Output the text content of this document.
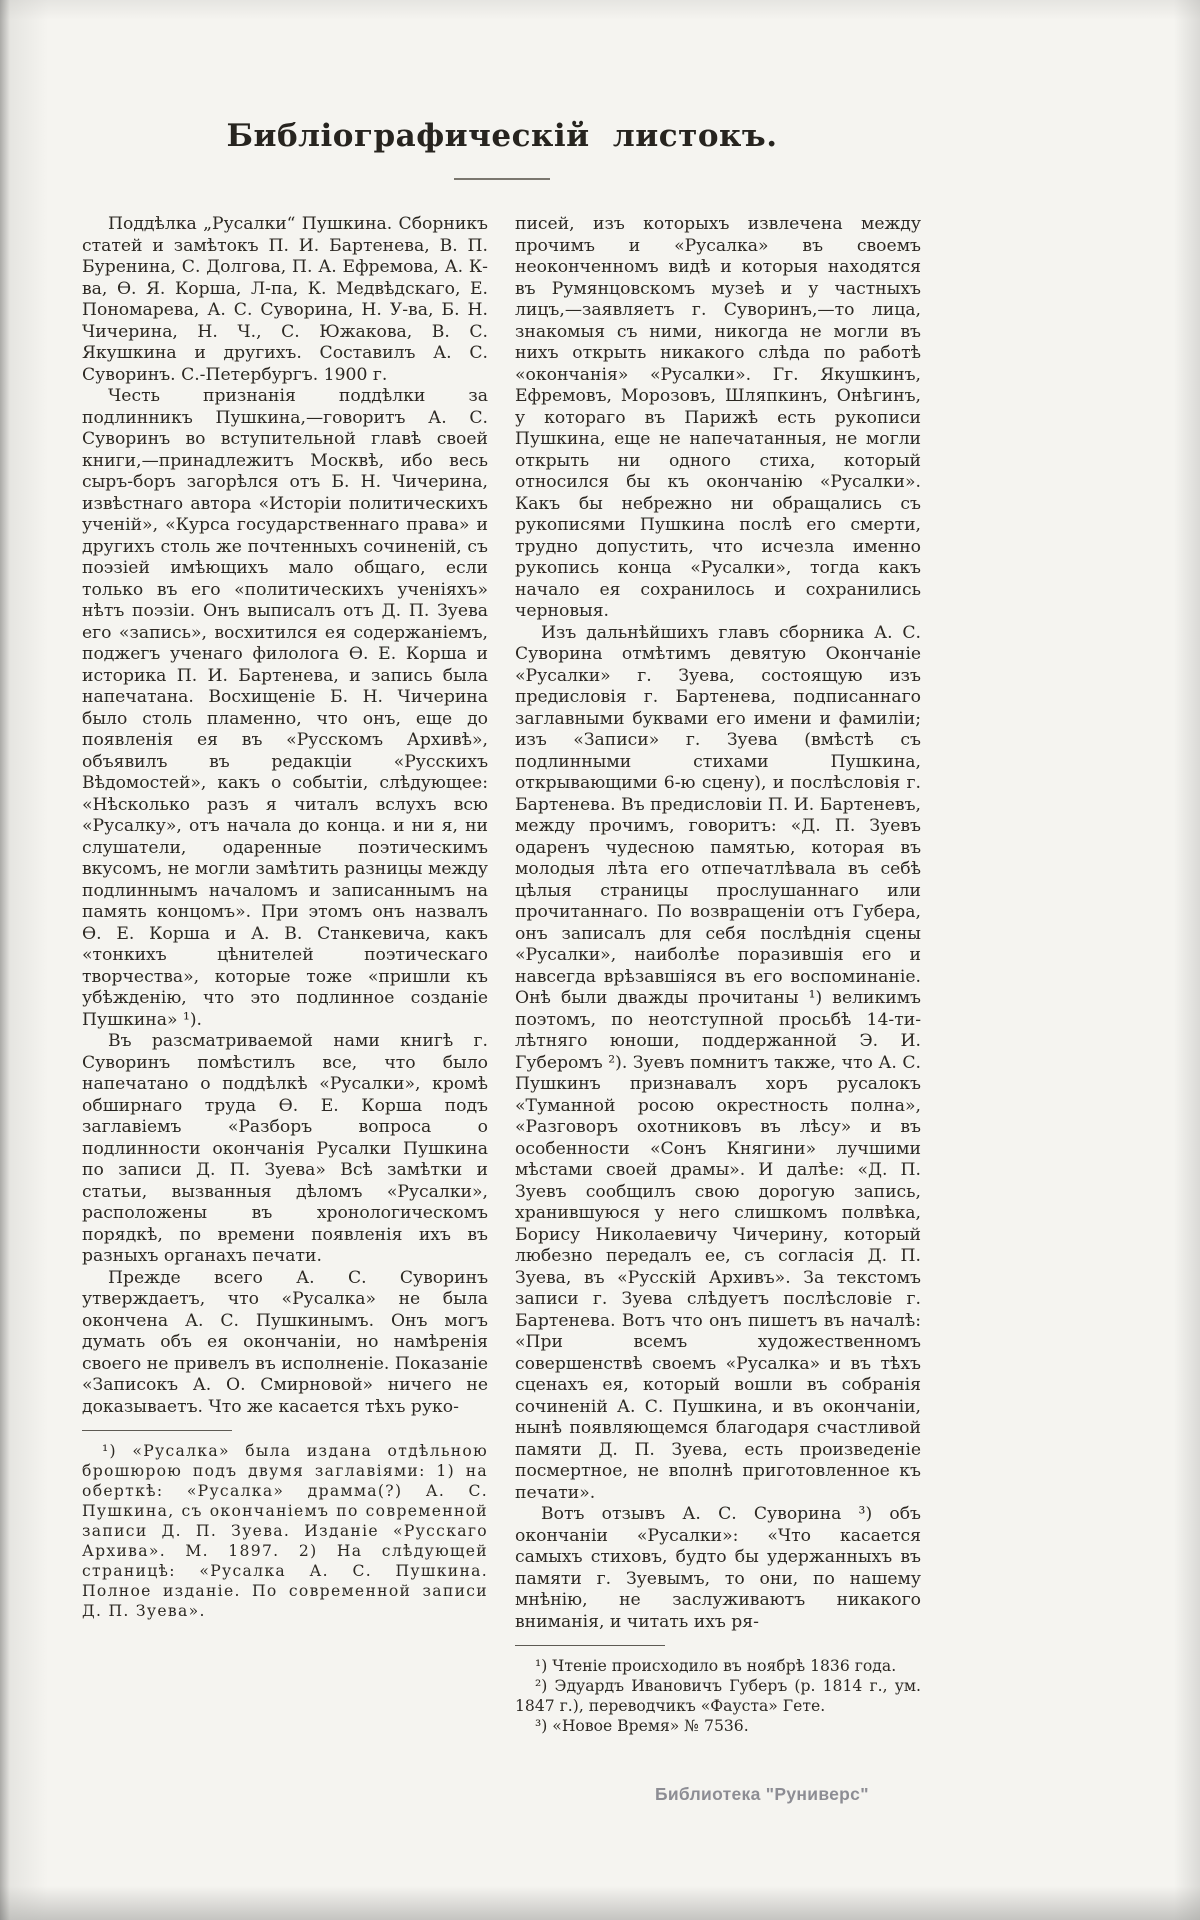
Библіографическій листокъ.

Поддѣлка „Русалки“ Пушкина. Сборникъ статей и замѣтокъ П. И. Бартенева, В. П. Буренина, С. Долгова, П. А. Ефремова, А. К-ва, Ѳ. Я. Корша, Л-па, К. Медвѣдскаго, Е. Пономарева, А. С. Суворина, Н. У-ва, Б. Н. Чичерина, Н. Ч., С. Южакова, В. С. Якушкина и другихъ. Составилъ А. С. Суворинъ. С.-Петербургъ. 1900 г.

Честь признанія поддѣлки за подлинникъ Пушкина,—говоритъ А. С. Суворинъ во вступительной главѣ своей книги,—принадлежитъ Москвѣ, ибо весь сыръ-боръ загорѣлся отъ Б. Н. Чичерина, извѣстнаго автора «Исторіи политическихъ ученій», «Курса государственнаго права» и другихъ столь же почтенныхъ сочиненій, съ поэзіей имѣющихъ мало общаго, если только въ его «политическихъ ученіяхъ» нѣтъ поэзіи. Онъ выписалъ отъ Д. П. Зуева его «запись», восхитился ея содержаніемъ, поджегъ ученаго филолога Ѳ. Е. Корша и историка П. И. Бартенева, и запись была напечатана. Восхищеніе Б. Н. Чичерина было столь пламенно, что онъ, еще до появленія ея въ «Русскомъ Архивѣ», объявилъ въ редакціи «Русскихъ Вѣдомостей», какъ о событіи, слѣдующее: «Нѣсколько разъ я читалъ вслухъ всю «Русалку», отъ начала до конца. и ни я, ни слушатели, одаренные поэтическимъ вкусомъ, не могли замѣтить разницы между подлиннымъ началомъ и записаннымъ на память концомъ». При этомъ онъ назвалъ Ѳ. Е. Корша и А. В. Станкевича, какъ «тонкихъ цѣнителей поэтическаго творчества», которые тоже «пришли къ убѣжденію, что это подлинное созданіе Пушкина» ¹).

Въ разсматриваемой нами книгѣ г. Суворинъ помѣстилъ все, что было напечатано о поддѣлкѣ «Русалки», кромѣ обширнаго труда Ѳ. Е. Корша подъ заглавіемъ «Разборъ вопроса о подлинности окончанія Русалки Пушкина по записи Д. П. Зуева» Всѣ замѣтки и статьи, вызванныя дѣломъ «Русалки», расположены въ хронологическомъ порядкѣ, по времени появленія ихъ въ разныхъ органахъ печати.

Прежде всего А. С. Суворинъ утверждаетъ, что «Русалка» не была окончена А. С. Пушкинымъ. Онъ могъ думать объ ея окончаніи, но намѣренія своего не привелъ въ исполненіе. Показаніе «Записокъ А. О. Смирновой» ничего не доказываетъ. Что же касается тѣхъ руко-

¹) «Русалка» была издана отдѣльною брошюрою подъ двумя заглавіями: 1) на оберткѣ: «Русалка» драмма(?) А. С. Пушкина, съ окончаніемъ по современной записи Д. П. Зуева. Изданіе «Русскаго Архива». М. 1897. 2) На слѣдующей страницѣ: «Русалка А. С. Пушкина. Полное изданіе. По современной записи Д. П. Зуева».

писей, изъ которыхъ извлечена между прочимъ и «Русалка» въ своемъ неоконченномъ видѣ и которыя находятся въ Румянцовскомъ музеѣ и у частныхъ лицъ,—заявляетъ г. Суворинъ,—то лица, знакомыя съ ними, никогда не могли въ нихъ открыть никакого слѣда по работѣ «окончанія» «Русалки». Гг. Якушкинъ, Ефремовъ, Морозовъ, Шляпкинъ, Онѣгинъ, у котораго въ Парижѣ есть рукописи Пушкина, еще не напечатанныя, не могли открыть ни одного стиха, который относился бы къ окончанію «Русалки». Какъ бы небрежно ни обращались съ рукописями Пушкина послѣ его смерти, трудно допустить, что исчезла именно рукопись конца «Русалки», тогда какъ начало ея сохранилось и сохранились черновыя.

Изъ дальнѣйшихъ главъ сборника А. С. Суворина отмѣтимъ девятую Окончаніе «Русалки» г. Зуева, состоящую изъ предисловія г. Бартенева, подписаннаго заглавными буквами его имени и фамиліи; изъ «Записи» г. Зуева (вмѣстѣ съ подлинными стихами Пушкина, открывающими 6-ю сцену), и послѣсловія г. Бартенева. Въ предисловіи П. И. Бартеневъ, между прочимъ, говоритъ: «Д. П. Зуевъ одаренъ чудесною памятью, которая въ молодыя лѣта его отпечатлѣвала въ себѣ цѣлыя страницы прослушаннаго или прочитаннаго. По возвращеніи отъ Губера, онъ записалъ для себя послѣднія сцены «Русалки», наиболѣе поразившія его и навсегда врѣзавшіяся въ его воспоминаніе. Онѣ были дважды прочитаны ¹) великимъ поэтомъ, по неотступной просьбѣ 14-ти-лѣтняго юноши, поддержанной Э. И. Губеромъ ²). Зуевъ помнитъ также, что А. С. Пушкинъ признавалъ хоръ русалокъ «Туманной росою окрестность полна», «Разговоръ охотниковъ въ лѣсу» и въ особенности «Сонъ Княгини» лучшими мѣстами своей драмы». И далѣе: «Д. П. Зуевъ сообщилъ свою дорогую запись, хранившуюся у него слишкомъ полвѣка, Борису Николаевичу Чичерину, который любезно передалъ ее, съ согласія Д. П. Зуева, въ «Русскій Архивъ». За текстомъ записи г. Зуева слѣдуетъ послѣсловіе г. Бартенева. Вотъ что онъ пишетъ въ началѣ: «При всемъ художественномъ совершенствѣ своемъ «Русалка» и въ тѣхъ сценахъ ея, который вошли въ собранія сочиненій А. С. Пушкина, и въ окончаніи, нынѣ появляющемся благодаря счастливой памяти Д. П. Зуева, есть произведеніе посмертное, не вполнѣ приготовленное къ печати».

Вотъ отзывъ А. С. Суворина ³) объ окончаніи «Русалки»: «Что касается самыхъ стиховъ, будто бы удержанныхъ въ памяти г. Зуевымъ, то они, по нашему мнѣнію, не заслуживаютъ никакого вниманія, и читать ихъ ря-

¹) Чтеніе происходило въ ноябрѣ 1836 года.

²) Эдуардъ Ивановичъ Губеръ (р. 1814 г., ум. 1847 г.), переводчикъ «Фауста» Гете.

³) «Новое Время» № 7536.

Библиотека "Руниверс"
